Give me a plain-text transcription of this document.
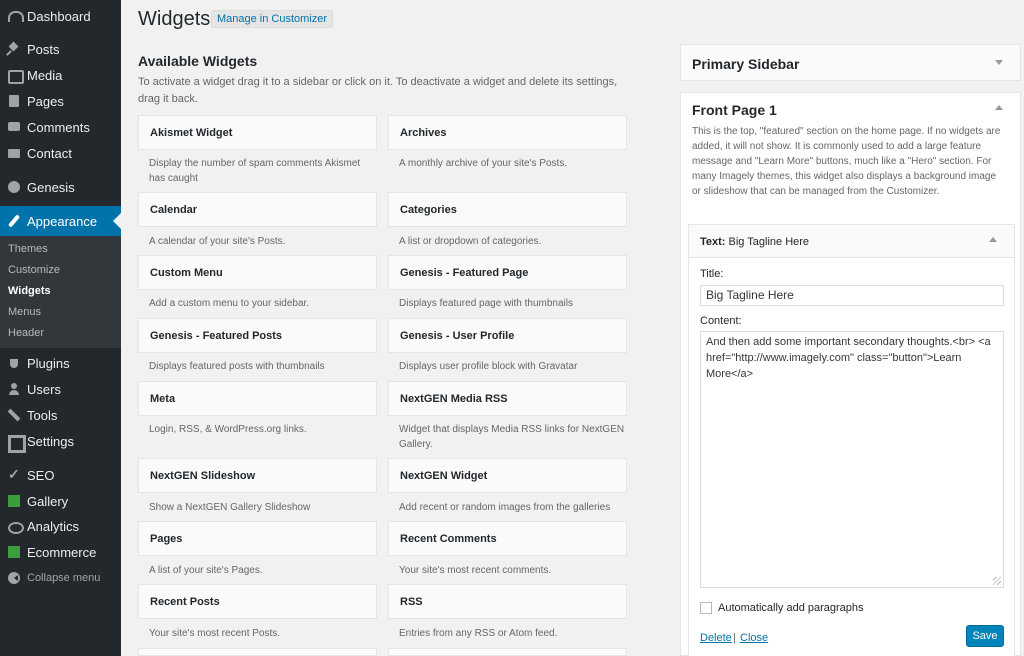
Dashboard
Posts
Media
Pages
Comments
Contact
Genesis
Appearance
Themes
Customize
Widgets
Menus
Header
Plugins
Users
Tools
Settings
✓
SEO
Gallery
Analytics
Ecommerce
Collapse menu
Widgets Manage in Customizer
Available Widgets
To activate a widget drag it to a sidebar or click on it. To deactivate a widget and delete its settings, drag it back.
Akismet Widget
Display the number of spam comments Akismet has caught
Archives
A monthly archive of your site's Posts.
Calendar
A calendar of your site's Posts.
Categories
A list or dropdown of categories.
Custom Menu
Add a custom menu to your sidebar.
Genesis - Featured Page
Displays featured page with thumbnails
Genesis - Featured Posts
Displays featured posts with thumbnails
Genesis - User Profile
Displays user profile block with Gravatar
Meta
Login, RSS, & WordPress.org links.
NextGEN Media RSS
Widget that displays Media RSS links for NextGEN Gallery.
NextGEN Slideshow
Show a NextGEN Gallery Slideshow
NextGEN Widget
Add recent or random images from the galleries
Pages
A list of your site's Pages.
Recent Comments
Your site's most recent comments.
Recent Posts
Your site's most recent Posts.
RSS
Entries from any RSS or Atom feed.
Primary Sidebar
Front Page 1
This is the top, "featured" section on the home page. If no widgets are added, it will not show. It is commonly used to add a large feature message and "Learn More" buttons, much like a "Hero" section. For many Imagely themes, this widget also displays a background image or slideshow that can be managed from the Customizer.
Text: Big Tagline Here
Title:
Big Tagline Here
Content:
And then add some important secondary thoughts.<br> <a href="http://www.imagely.com" class="button">Learn More</a>
Automatically add paragraphs
Delete | Close	Save
